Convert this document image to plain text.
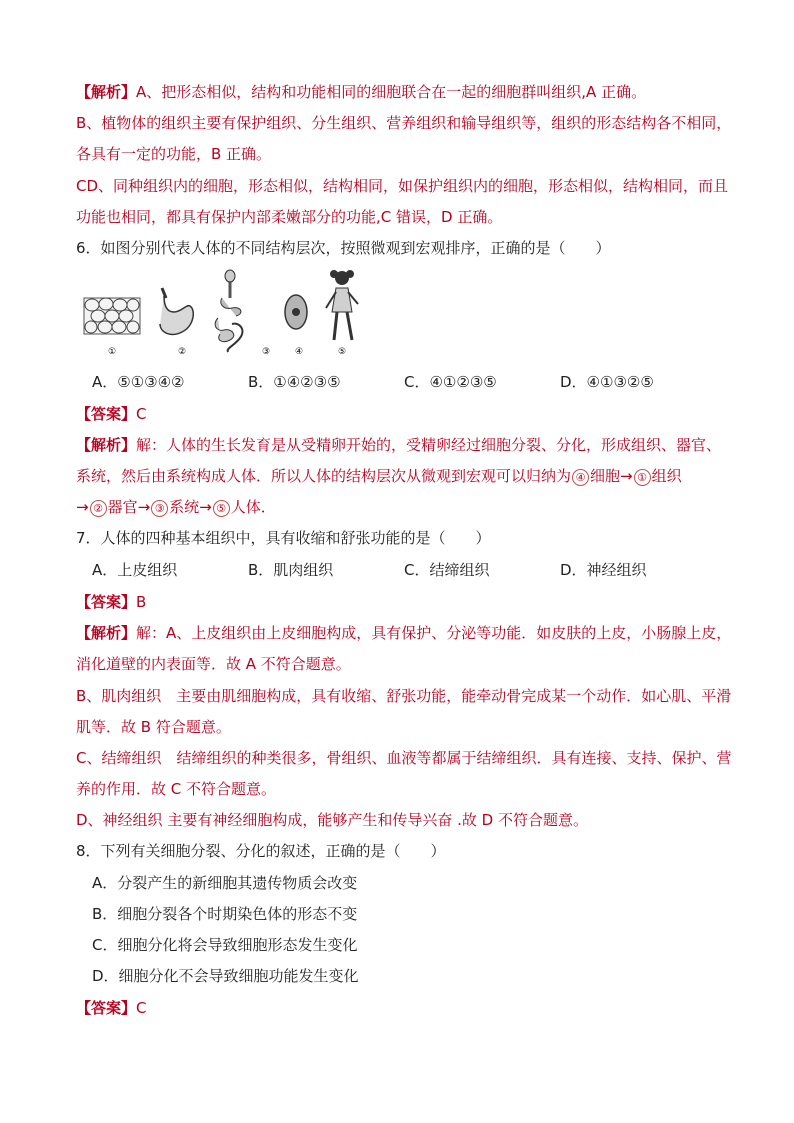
【解析】A、把形态相似，结构和功能相同的细胞联合在一起的细胞群叫组织,A 正确。
B、植物体的组织主要有保护组织、分生组织、营养组织和输导组织等，组织的形态结构各不相同，
各具有一定的功能，B 正确。
CD、同种组织内的细胞，形态相似，结构相同，如保护组织内的细胞，形态相似，结构相同，而且
功能也相同，都具有保护内部柔嫩部分的功能,C 错误，D 正确。
6．如图分别代表人体的不同结构层次，按照微观到宏观排序，正确的是（　　）
①	②	③	④	⑤
A．⑤①③④②	B．①④②③⑤	C．④①②③⑤	D．④①③②⑤
【答案】C
【解析】解：人体的生长发育是从受精卵开始的，受精卵经过细胞分裂、分化，形成组织、器官、
系统，然后由系统构成人体．所以人体的结构层次从微观到宏观可以归纳为 ④ 细胞→ ① 组织
→ ② 器官→ ③ 系统→ ⑤ 人体．
7．人体的四种基本组织中，具有收缩和舒张功能的是（　　）
A．上皮组织	B．肌肉组织	C．结缔组织	D．神经组织
【答案】B
【解析】解：A、上皮组织由上皮细胞构成，具有保护、分泌等功能．如皮肤的上皮，小肠腺上皮，
消化道壁的内表面等．故 A 不符合题意。
B、肌肉组织　主要由肌细胞构成，具有收缩、舒张功能，能牵动骨完成某一个动作．如心肌、平滑
肌等．故 B 符合题意。
C、结缔组织　结缔组织的种类很多，骨组织、血液等都属于结缔组织．具有连接、支持、保护、营
养的作用．故 C 不符合题意。
D、神经组织 主要有神经细胞构成，能够产生和传导兴奋 .故 D 不符合题意。
8．下列有关细胞分裂、分化的叙述，正确的是（　　）
A．分裂产生的新细胞其遗传物质会改变
B．细胞分裂各个时期染色体的形态不变
C．细胞分化将会导致细胞形态发生变化
D．细胞分化不会导致细胞功能发生变化
【答案】C
